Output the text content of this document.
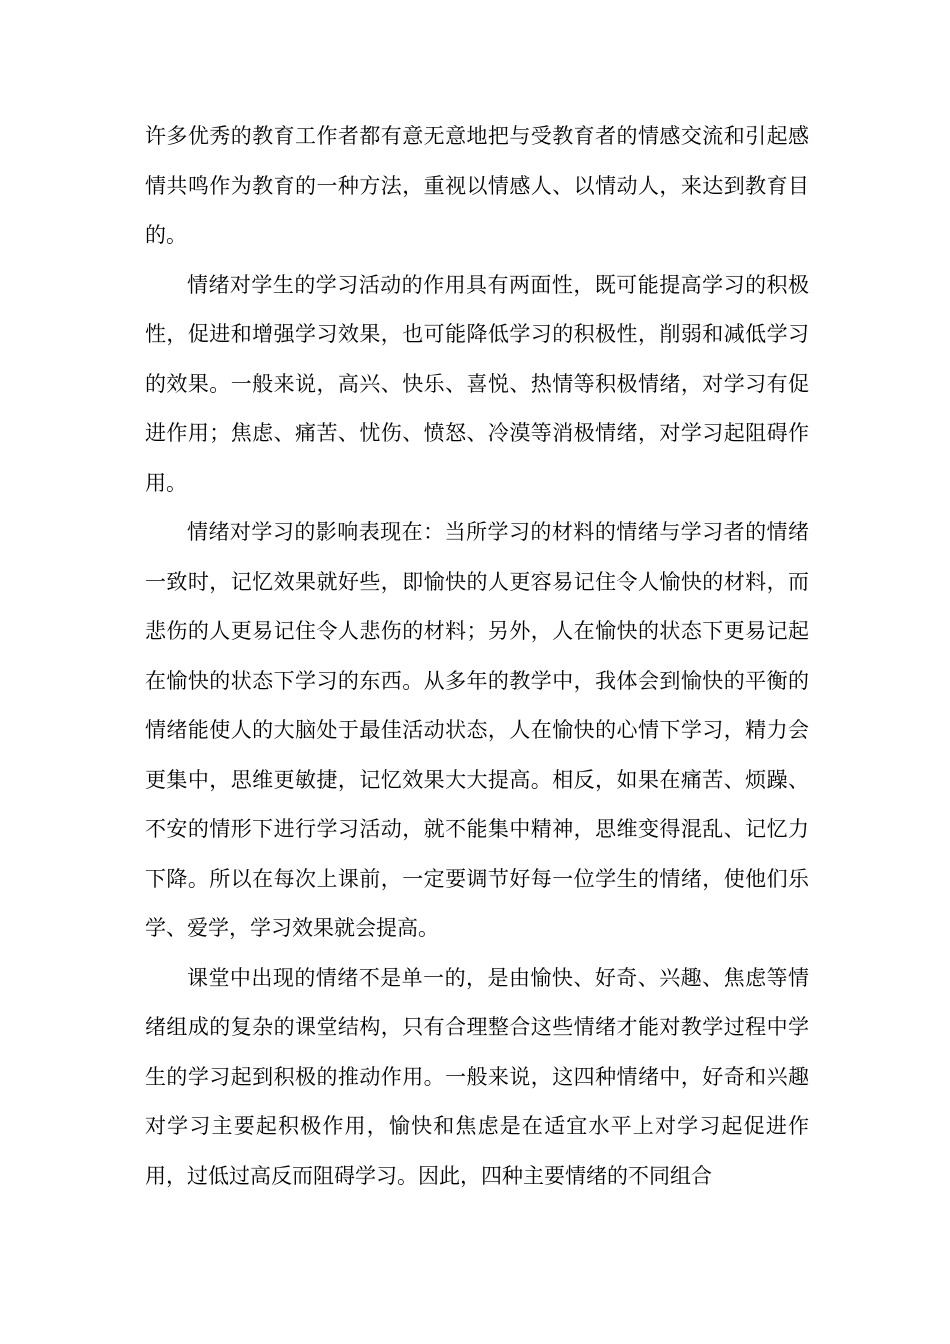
许多优秀的教育工作者都有意无意地把与受教育者的情感交流和引起感情共鸣作为教育的一种方法，重视以情感人、以情动人，来达到教育目的。

情绪对学生的学习活动的作用具有两面性，既可能提高学习的积极性，促进和增强学习效果，也可能降低学习的积极性，削弱和减低学习的效果。一般来说，高兴、快乐、喜悦、热情等积极情绪，对学习有促进作用；焦虑、痛苦、忧伤、愤怒、冷漠等消极情绪，对学习起阻碍作用。

情绪对学习的影响表现在：当所学习的材料的情绪与学习者的情绪一致时，记忆效果就好些，即愉快的人更容易记住令人愉快的材料，而悲伤的人更易记住令人悲伤的材料；另外，人在愉快的状态下更易记起在愉快的状态下学习的东西。从多年的教学中，我体会到愉快的平衡的情绪能使人的大脑处于最佳活动状态，人在愉快的心情下学习，精力会更集中，思维更敏捷，记忆效果大大提高。相反，如果在痛苦、烦躁、不安的情形下进行学习活动，就不能集中精神，思维变得混乱、记忆力下降。所以在每次上课前，一定要调节好每一位学生的情绪，使他们乐学、爱学，学习效果就会提高。

课堂中出现的情绪不是单一的，是由愉快、好奇、兴趣、焦虑等情绪组成的复杂的课堂结构，只有合理整合这些情绪才能对教学过程中学生的学习起到积极的推动作用。一般来说，这四种情绪中，好奇和兴趣对学习主要起积极作用，愉快和焦虑是在适宜水平上对学习起促进作用，过低过高反而阻碍学习。因此，四种主要情绪的不同组合
